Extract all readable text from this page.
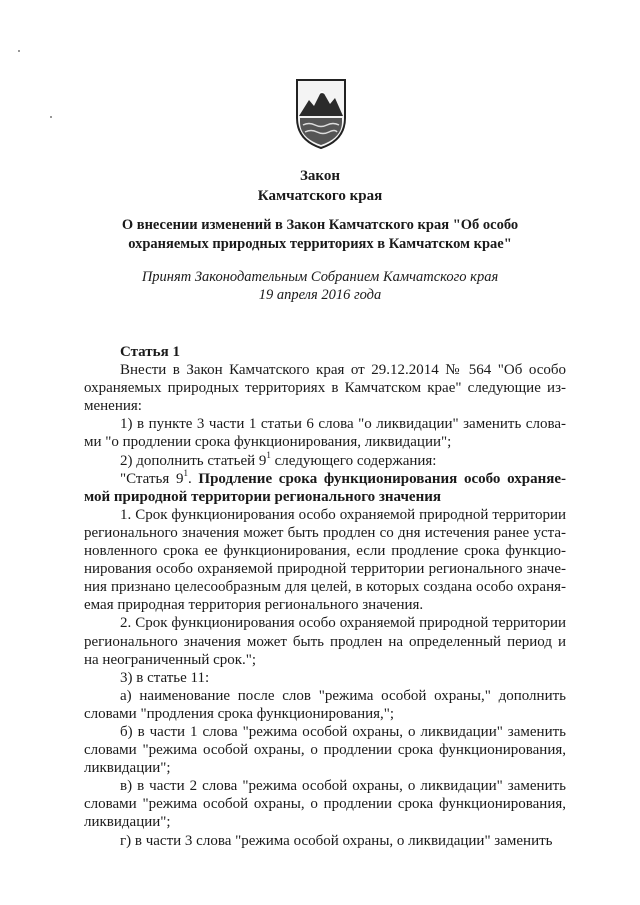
Закон
Камчатского края
О внесении изменений в Закон Камчатского края "Об особо
охраняемых природных территориях в Камчатском крае"
Принят Законодательным Собранием Камчатского края
19 апреля 2016 года

Статья 1

Внести в Закон Камчатского края от 29.12.2014 № 564 "Об особо охраняемых природных территориях в Камчатском крае" следующие изменения:

1) в пункте 3 части 1 статьи 6 слова "о ликвидации" заменить словами "о продлении срока функционирования, ликвидации";

2) дополнить статьей $9^1$ следующего содержания:

"Статья $9^1$. Продление срока функционирования особо охраняемой природной территории регионального значения

1. Срок функционирования особо охраняемой природной территории регионального значения может быть продлен со дня истечения ранее установленного срока ее функционирования, если продление срока функционирования особо охраняемой природной территории регионального значения признано целесообразным для целей, в которых создана особо охраняемая природная территория регионального значения.

2. Срок функционирования особо охраняемой природной территории регионального значения может быть продлен на определенный период и на неограниченный срок.";

3) в статье 11:

а) наименование после слов "режима особой охраны," дополнить словами "продления срока функционирования,";

б) в части 1 слова "режима особой охраны, о ликвидации" заменить словами "режима особой охраны, о продлении срока функционирования, ликвидации";

в) в части 2 слова "режима особой охраны, о ликвидации" заменить словами "режима особой охраны, о продлении срока функционирования, ликвидации";

г) в части 3 слова "режима особой охраны, о ликвидации" заменить
